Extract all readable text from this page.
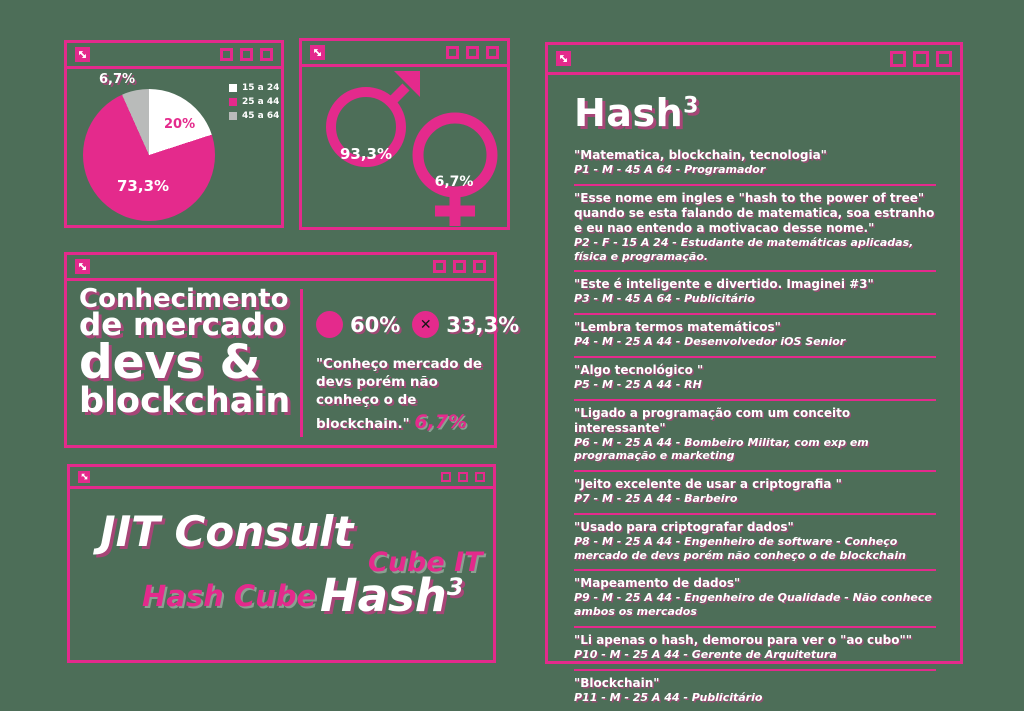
6,7%
20%
73,3%
15 a 24
25 a 44
45 a 64
93,3%
6,7%
Hash$^3$
"Matematica, blockchain, tecnologia"
P1 - M - 45 A 64 - Programador
"Esse nome em ingles e "hash to the power of tree" quando se esta falando de matematica, soa estranho e eu nao entendo a motivacao desse nome."
P2 - F - 15 A 24 - Estudante de matemáticas aplicadas, física e programação.
"Este é inteligente e divertido. Imaginei #3"
P3 - M - 45 A 64 - Publicitário
"Lembra termos matemáticos"
P4 - M - 25 A 44 - Desenvolvedor iOS Senior
"Algo tecnológico "
P5 - M - 25 A 44 - RH
"Ligado a programação com um conceito interessante"
P6 - M - 25 A 44 - Bombeiro Militar, com exp em programação e marketing
"Jeito excelente de usar a criptografia "
P7 - M - 25 A 44 - Barbeiro
"Usado para criptografar dados"
P8 - M - 25 A 44 - Engenheiro de software - Conheço mercado de devs porém não conheço o de blockchain
"Mapeamento de dados"
P9 - M - 25 A 44 - Engenheiro de Qualidade - Não conhece ambos os mercados
"Li apenas o hash, demorou para ver o "ao cubo""
P10 - M - 25 A 44 - Gerente de Arquitetura
"Blockchain"
P11 - M - 25 A 44 - Publicitário
Conhecimento
de mercado
devs &
blockchain
60% ✕ 33,3%
"Conheço mercado de devs porém não conheço o de blockchain." 6,7%
JIT Consult
Cube IT
Hash Cube Hash$^3$
